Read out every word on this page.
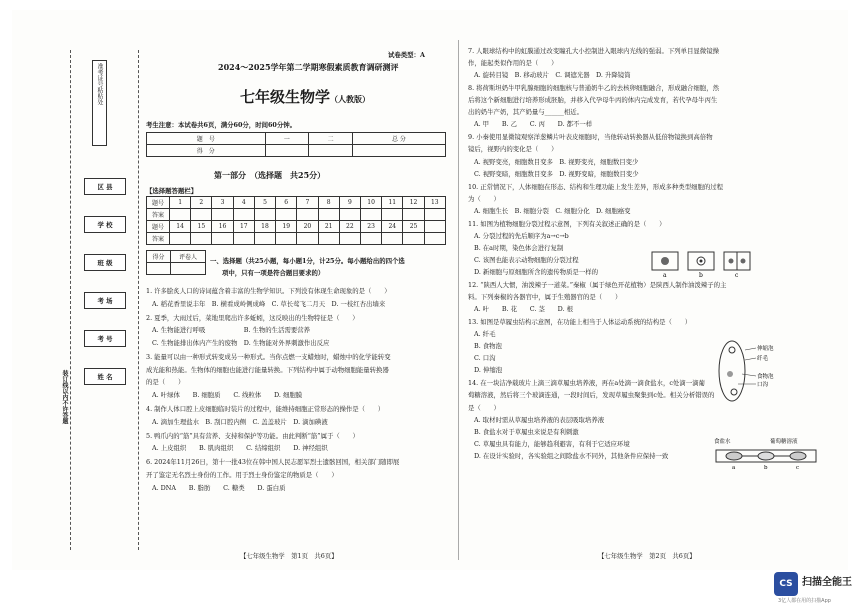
准考证号粘贴处
区 县
学 校
班 级
考 场
考 号
姓 名
装订线以内不许答题
试卷类型：A
2024～2025学年第二学期寒假素质教育调研测评
七年级生物学（人教版）
考生注意：本试卷共6页，满分60分，时间60分钟。
题　号	一	二	总 分
得　分			
第一部分　（选择题　共25分）
【选择题答题栏】
题号	1	2	3	4	5	6	7	8	9	10	11	12	13
答案													
题号	14	15	16	17	18	19	20	21	22	23	24	25	
答案													
得分	评卷人
	一、选择题（共25小题，每小题1分，计25分。每小题给出的四个选
项中，只有一项是符合题目要求的）
1. 许多脍炙人口的诗词蕴含着丰富的生物学知识。下列没有体现生命现象的是（　　）
A. 稻花香里说丰年　B. 横看成岭侧成峰　C. 草长莺飞二月天　D. 一枝红杏出墙来
2. 夏季，大雨过后，菜地里爬出许多蚯蚓，这反映出的生物特征是（　　）
A. 生物能进行呼吸　　　　　　B. 生物的生活需要营养
C. 生物能排出体内产生的废物　D. 生物能对外界刺激作出反应
3. 能量可以由一种形式转变成另一种形式。当你点燃一支蜡烛时，蜡烛中的化学能转变
成光能和热能。生物体的细胞也能进行能量转换。下列结构中属于动物细胞能量转换器
的是（　　）
A. 叶绿体　　B. 细胞质　　C. 线粒体　　D. 细胞膜
4. 制作人体口腔上皮细胞临时装片的过程中，能维持细胞正常形态的操作是（　　）
A. 滴加生理盐水　B. 刮口腔内侧　C. 盖盖玻片　D. 滴加碘液
5. 鸭爪内的“筋”具有营养、支持和保护等功能。由此判断“筋”属于（　　）
A. 上皮组织　　B. 肌肉组织　　C. 结缔组织　　D. 神经组织
6. 2024年11月26日，第十一批43位在韩中国人民志愿军烈士遗骸回国，相关部门随即展
开了鉴定无名烈士身份的工作。用于烈士身份鉴定的物质是（　　）
A. DNA　　B. 脂肪　　C. 糖类　　D. 蛋白质
【七年级生物学　第1页　共6页】
7. 人眼球结构中的虹膜通过改变瞳孔大小控制进入眼球内光线的强弱。下列单目显微镜操
作，能起类似作用的是（　　）
A. 旋转目镜　B. 移动玻片　C. 调遮光器　D. 升降镜筒
8. 将荷斯坦奶牛甲乳腺细胞的细胞核与普通奶牛乙的去核卵细胞融合，形成融合细胞，然
后将这个新细胞进行培养形成胚胎，并移入代孕母牛丙的体内完成发育，若代孕母牛丙生
出的奶牛产奶，其产奶量与______相近。
A. 甲　　B. 乙　　C. 丙　　D. 都不一样
9. 小秦使用显微镜观察洋葱鳞片叶表皮细胞时，当他转动转换器从低倍物镜换到高倍物
镜后，视野内的变化是（　　）
A. 视野变亮，细胞数目变多　B. 视野变亮，细胞数目变少
C. 视野变暗，细胞数目变多　D. 视野变暗，细胞数目变少
10. 正常情况下，人体细胞在形态、结构和生理功能上发生差异，形成多种类型细胞的过程
为（　　）
A. 细胞生长　B. 细胞分裂　C. 细胞分化　D. 细胞癌变
11. 如图为植物细胞分裂过程示意图，下列有关叙述正确的是（　　）
A. 分裂过程的先后顺序为a→c→b
B. 在a时期，染色体会进行复制
C. 该图也能表示动物细胞的分裂过程
D. 新细胞与原细胞所含的遗传物质是一样的
12. “陕西人大惯，油泼辣子一道菜。”秦椒（属于绿色开花植物）是陕西人制作油泼辣子的主
料。下列秦椒的各器官中，属于生殖器官的是（　　）
A. 叶　　B. 花　　C. 茎　　D. 根
13. 如图是草履虫结构示意图，在功能上相当于人体运动系统的结构是（　　）
A. 纤毛
B. 食物泡
C. 口沟
D. 伸缩泡
14. 在一块洁净载玻片上滴三滴草履虫培养液，再在a处滴一滴食盐水，c处滴一滴葡
萄糖溶液，然后将三个玻滴连通，一段时间后，发现草履虫聚集到c处。相关分析错误的
是（　　）
A. 取材时需从草履虫培养液的表层吸取培养液
B. 食盐水对于草履虫来说是有利刺激
C. 草履虫具有能力，能够趋利避害，有利于它适应环境
D. 在设计实验时，各实验组之间除盐水不同外，其他条件应保持一致
a	b	c
伸缩泡
纤毛
食物泡
口沟
食盐水	葡萄糖溶液
a	b	c
【七年级生物学　第2页　共6页】
CS 扫描全能王
3亿人都在用的扫描App
